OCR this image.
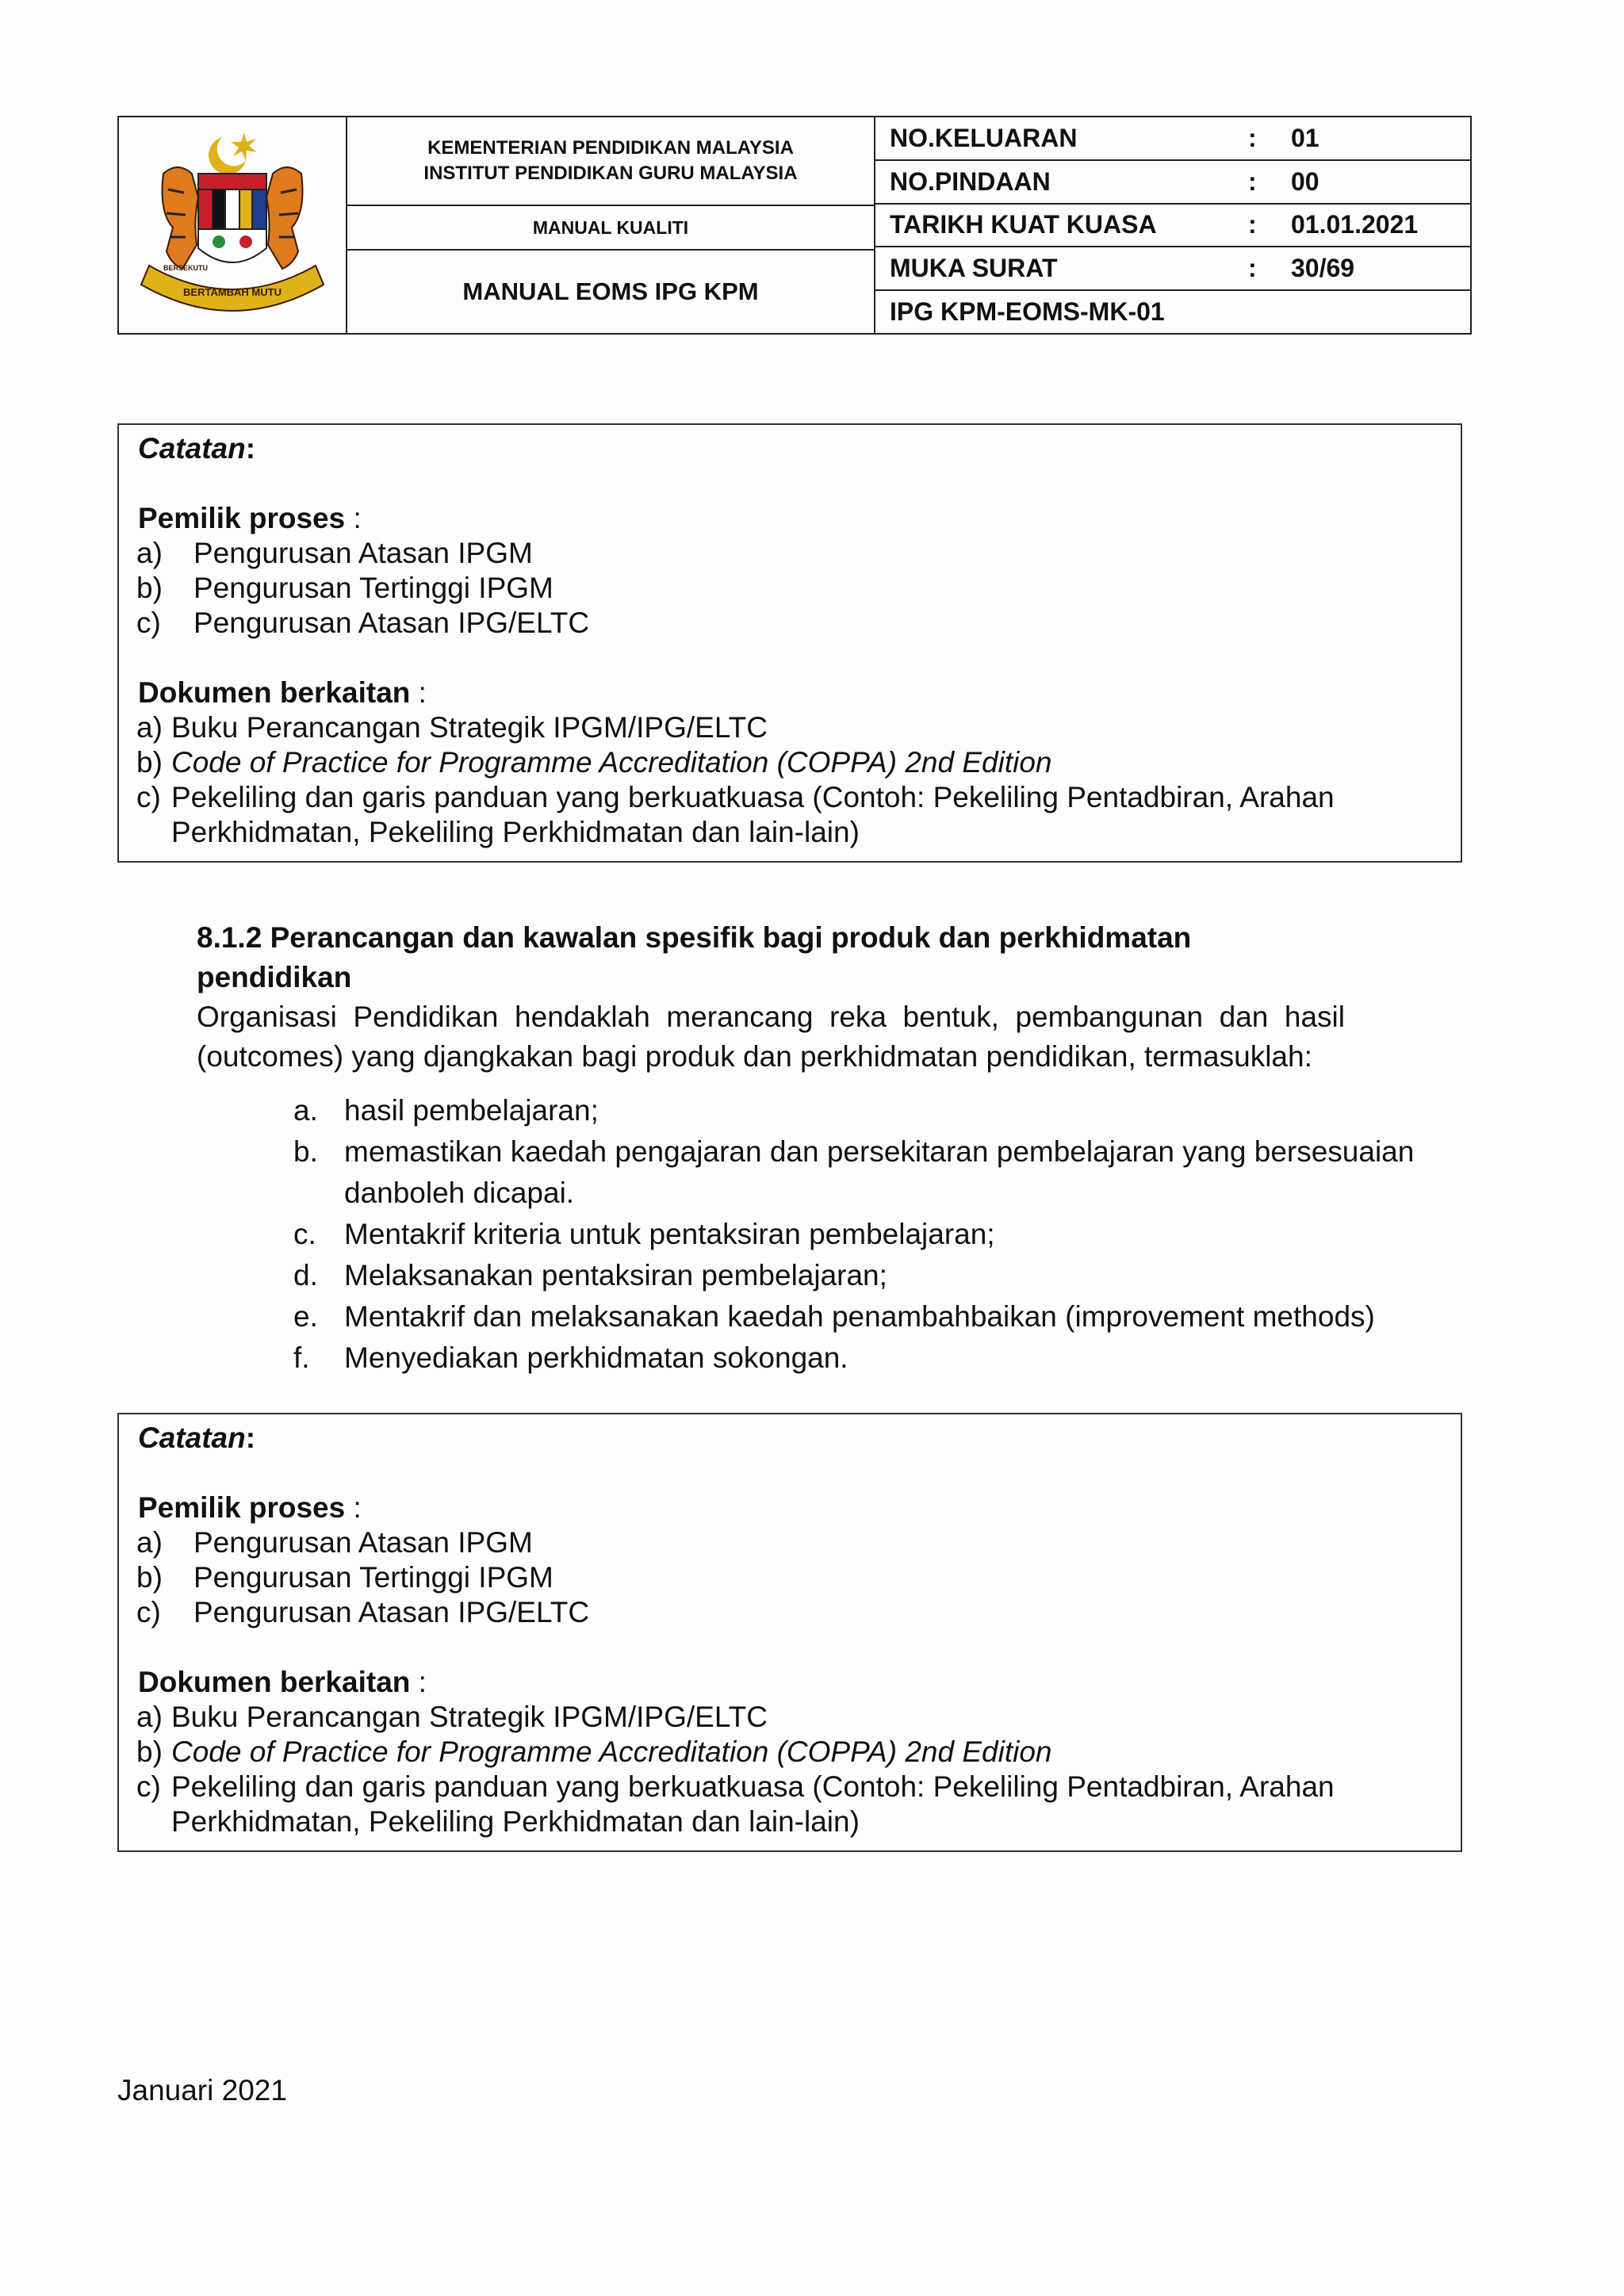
BERTAMBAH MUTU
BERSEKUTU
KEMENTERIAN PENDIDIKAN MALAYSIA
INSTITUT PENDIDIKAN GURU MALAYSIA
MANUAL KUALITI
MANUAL EOMS IPG KPM
NO.KELUARAN	:	01
NO.PINDAAN	:	00
TARIKH KUAT KUASA	:	01.01.2021
MUKA SURAT	:	30/69
IPG KPM-EOMS-MK-01
Catatan:
Pemilik proses :
a)	Pengurusan Atasan IPGM
b)	Pengurusan Tertinggi IPGM
c)	Pengurusan Atasan IPG/ELTC
Dokumen berkaitan :
a) Buku Perancangan Strategik IPGM/IPG/ELTC
b) Code of Practice for Programme Accreditation (COPPA) 2nd Edition
c) Pekeliling dan garis panduan yang berkuatkuasa (Contoh: Pekeliling Pentadbiran, Arahan Perkhidmatan, Pekeliling Perkhidmatan dan lain-lain)
8.1.2 Perancangan dan kawalan spesifik bagi produk dan perkhidmatan pendidikan

Organisasi Pendidikan hendaklah merancang reka bentuk, pembangunan dan hasil (outcomes) yang djangkakan bagi produk dan perkhidmatan pendidikan, termasuklah:

a. hasil pembelajaran;
b. memastikan kaedah pengajaran dan persekitaran pembelajaran yang bersesuaian danboleh dicapai.
c. Mentakrif kriteria untuk pentaksiran pembelajaran;
d. Melaksanakan pentaksiran pembelajaran;
e. Mentakrif dan melaksanakan kaedah penambahbaikan (improvement methods)
f.	Menyediakan perkhidmatan sokongan.
Catatan:
Pemilik proses :
a)	Pengurusan Atasan IPGM
b)	Pengurusan Tertinggi IPGM
c)	Pengurusan Atasan IPG/ELTC
Dokumen berkaitan :
a) Buku Perancangan Strategik IPGM/IPG/ELTC
b) Code of Practice for Programme Accreditation (COPPA) 2nd Edition
c) Pekeliling dan garis panduan yang berkuatkuasa (Contoh: Pekeliling Pentadbiran, Arahan Perkhidmatan, Pekeliling Perkhidmatan dan lain-lain)
Januari 2021
